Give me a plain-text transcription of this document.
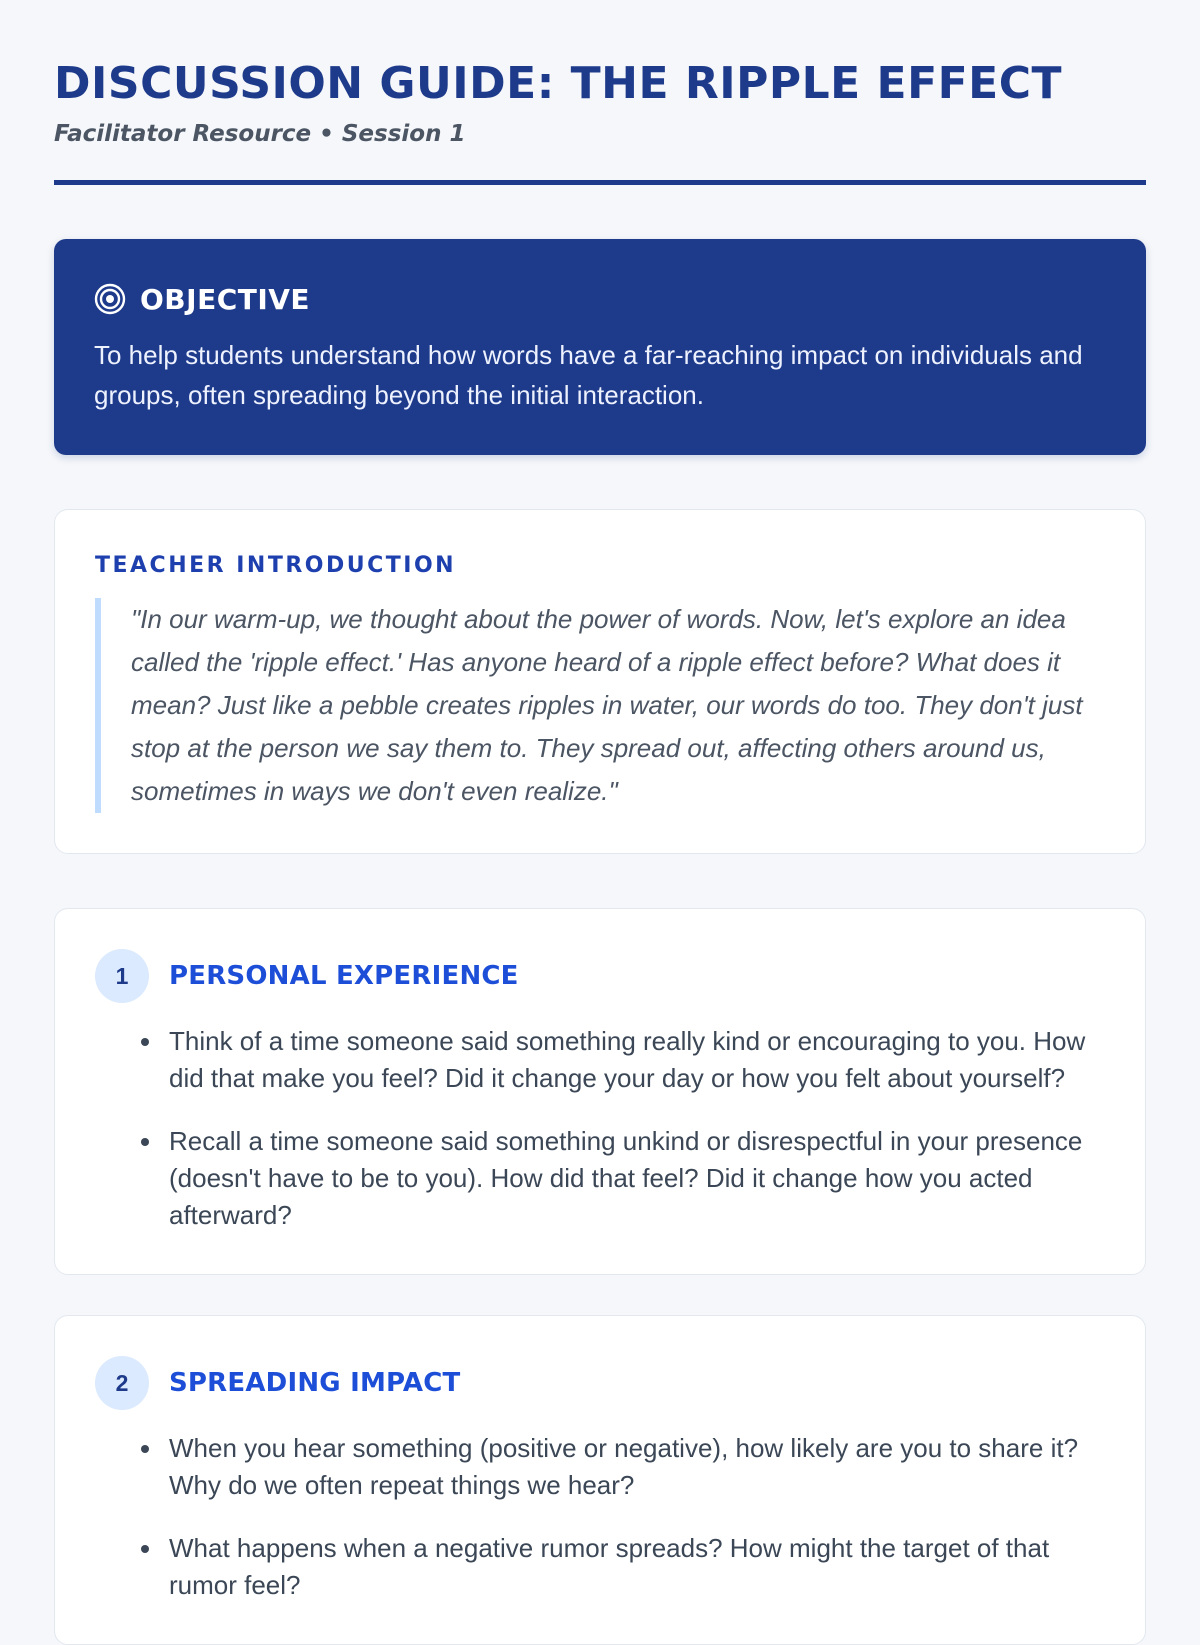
DISCUSSION GUIDE: THE RIPPLE EFFECT
Facilitator Resource • Session 1
OBJECTIVE
To help students understand how words have a far-reaching impact on individuals and groups, often spreading beyond the initial interaction.
TEACHER INTRODUCTION
"In our warm-up, we thought about the power of words. Now, let's explore an idea called the 'ripple effect.' Has anyone heard of a ripple effect before? What does it mean? Just like a pebble creates ripples in water, our words do too. They don't just stop at the person we say them to. They spread out, affecting others around us, sometimes in ways we don't even realize."
1	PERSONAL EXPERIENCE
Think of a time someone said something really kind or encouraging to you. How did that make you feel? Did it change your day or how you felt about yourself?
Recall a time someone said something unkind or disrespectful in your presence (doesn't have to be to you). How did that feel? Did it change how you acted afterward?
2	SPREADING IMPACT
When you hear something (positive or negative), how likely are you to share it? Why do we often repeat things we hear?
What happens when a negative rumor spreads? How might the target of that rumor feel?
